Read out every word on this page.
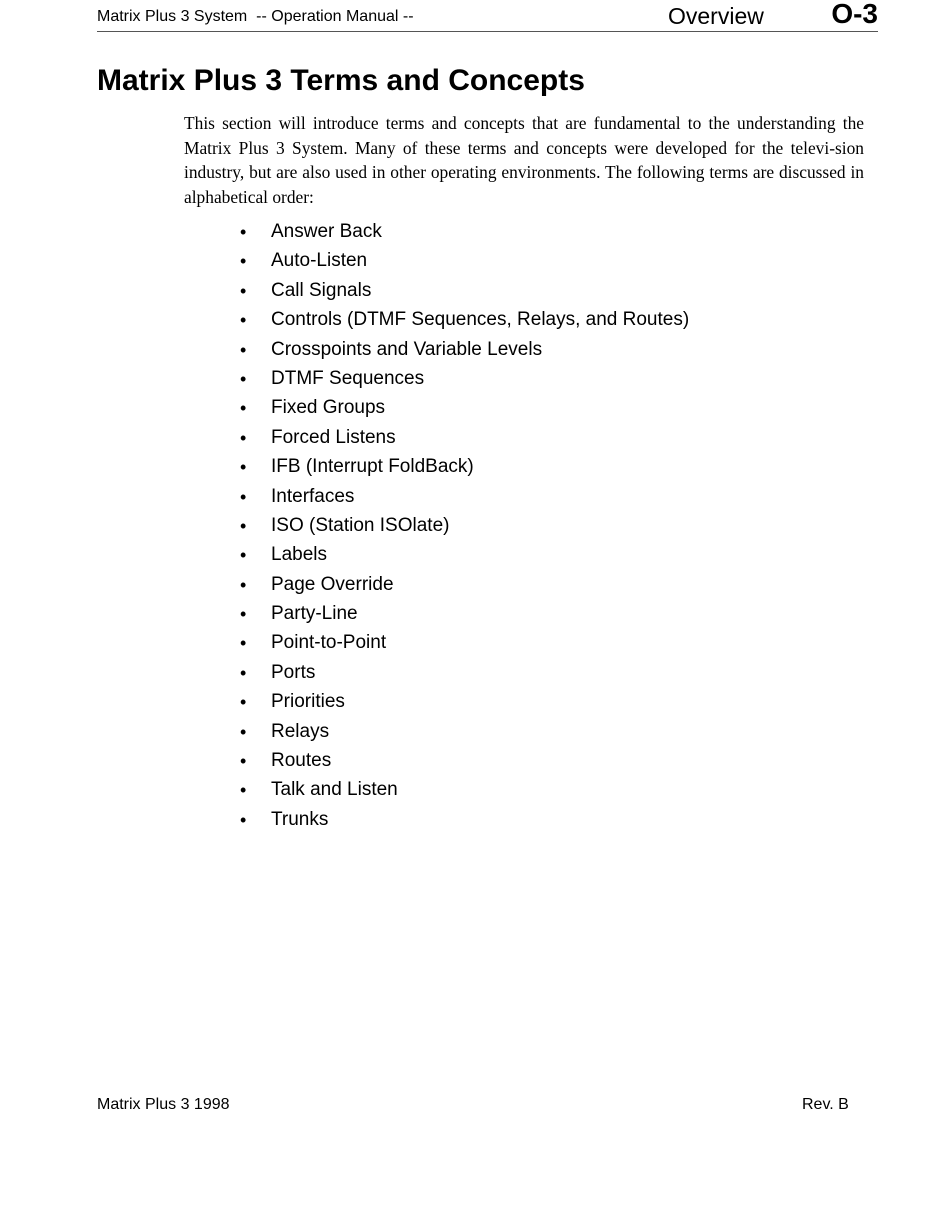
Matrix Plus 3 System  -- Operation Manual --	Overview O-3
Matrix Plus 3 Terms and Concepts

This section will introduce terms and concepts that are fundamental to the understanding the Matrix Plus 3 System. Many of these terms and concepts were developed for the televi-sion industry, but are also used in other operating environments. The following terms are discussed in alphabetical order:

• Answer Back
• Auto-Listen
• Call Signals
• Controls (DTMF Sequences, Relays, and Routes)
• Crosspoints and Variable Levels
• DTMF Sequences
• Fixed Groups
• Forced Listens
• IFB (Interrupt FoldBack)
• Interfaces
• ISO (Station ISOlate)
• Labels
• Page Override
• Party-Line
• Point-to-Point
• Ports
• Priorities
• Relays
• Routes
• Talk and Listen
• Trunks
Matrix Plus 3 1998	Rev. B
